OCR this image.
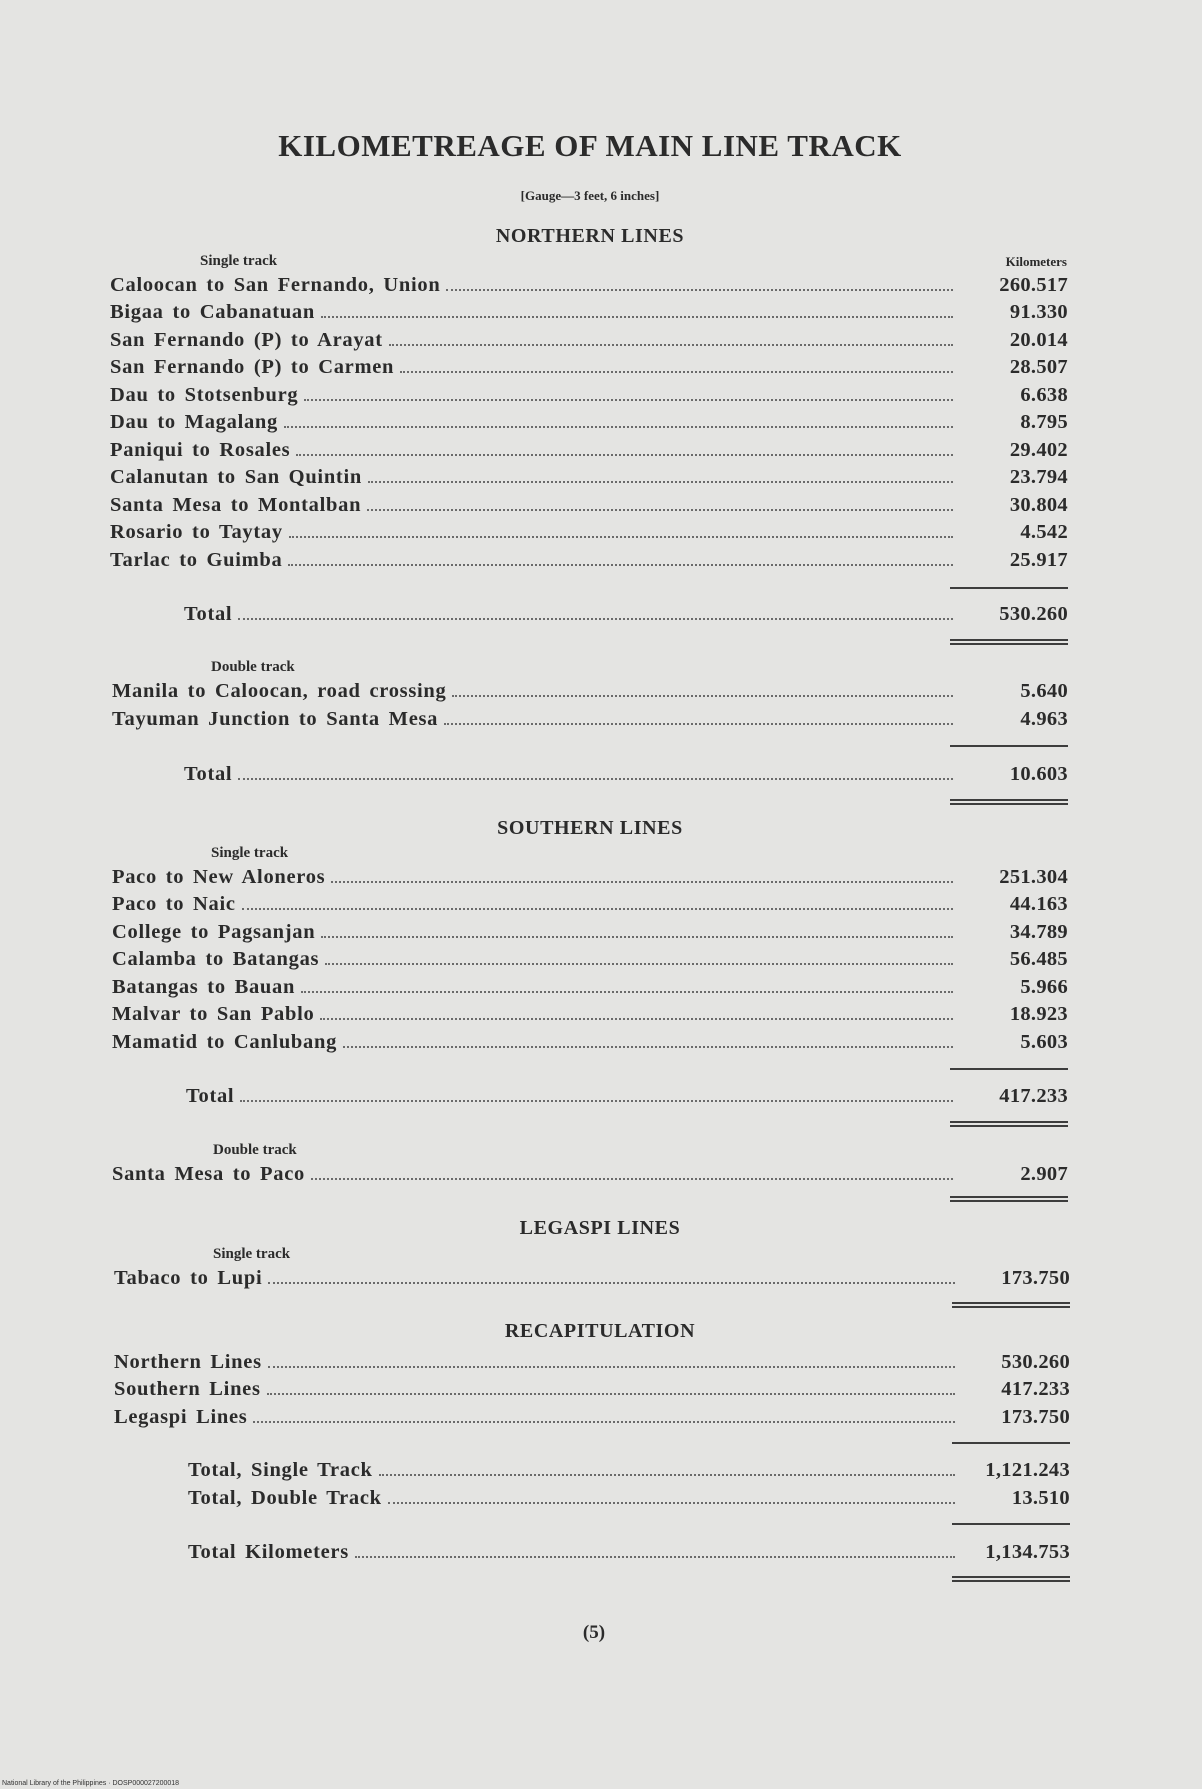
KILOMETREAGE OF MAIN LINE TRACK
[Gauge—3 feet, 6 inches]
NORTHERN LINES
Single track	Kilometers
Caloocan to San Fernando, Union	260.517
Bigaa to Cabanatuan	91.330
San Fernando (P) to Arayat	20.014
San Fernando (P) to Carmen	28.507
Dau to Stotsenburg	6.638
Dau to Magalang	8.795
Paniqui to Rosales	29.402
Calanutan to San Quintin	23.794
Santa Mesa to Montalban	30.804
Rosario to Taytay	4.542
Tarlac to Guimba	25.917
Total	530.260
Double track
Manila to Caloocan, road crossing	5.640
Tayuman Junction to Santa Mesa	4.963
Total	10.603
SOUTHERN LINES
Single track
Paco to New Aloneros	251.304
Paco to Naic	44.163
College to Pagsanjan	34.789
Calamba to Batangas	56.485
Batangas to Bauan	5.966
Malvar to San Pablo	18.923
Mamatid to Canlubang	5.603
Total	417.233
Double track
Santa Mesa to Paco	2.907
LEGASPI LINES
Single track
Tabaco to Lupi	173.750
RECAPITULATION
Northern Lines	530.260
Southern Lines	417.233
Legaspi Lines	173.750
Total, Single Track	1,121.243
Total, Double Track	13.510
Total Kilometers	1,134.753
(5)
National Library of the Philippines · DOSP000027200018
